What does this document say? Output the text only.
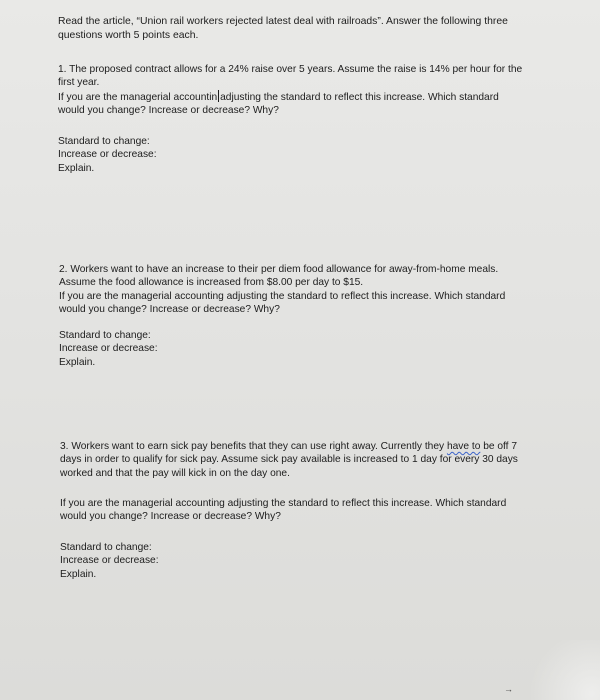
Read the article, “Union rail workers rejected latest deal with railroads”. Answer the following three
questions worth 5 points each.
1. The proposed contract allows for a 24% raise over 5 years. Assume the raise is 14% per hour for the
first year.
If you are the managerial accountin adjusting the standard to reflect this increase. Which standard
would you change? Increase or decrease? Why?
Standard to change:
Increase or decrease:
Explain.
2. Workers want to have an increase to their per diem food allowance for away-from-home meals.
Assume the food allowance is increased from $8.00 per day to $15.
If you are the managerial accounting adjusting the standard to reflect this increase. Which standard
would you change? Increase or decrease? Why?
Standard to change:
Increase or decrease:
Explain.
3. Workers want to earn sick pay benefits that they can use right away. Currently they have to be off 7
days in order to qualify for sick pay. Assume sick pay available is increased to 1 day for every 30 days
worked and that the pay will kick in on the day one.
If you are the managerial accounting adjusting the standard to reflect this increase. Which standard
would you change? Increase or decrease? Why?
Standard to change:
Increase or decrease:
Explain.
→
